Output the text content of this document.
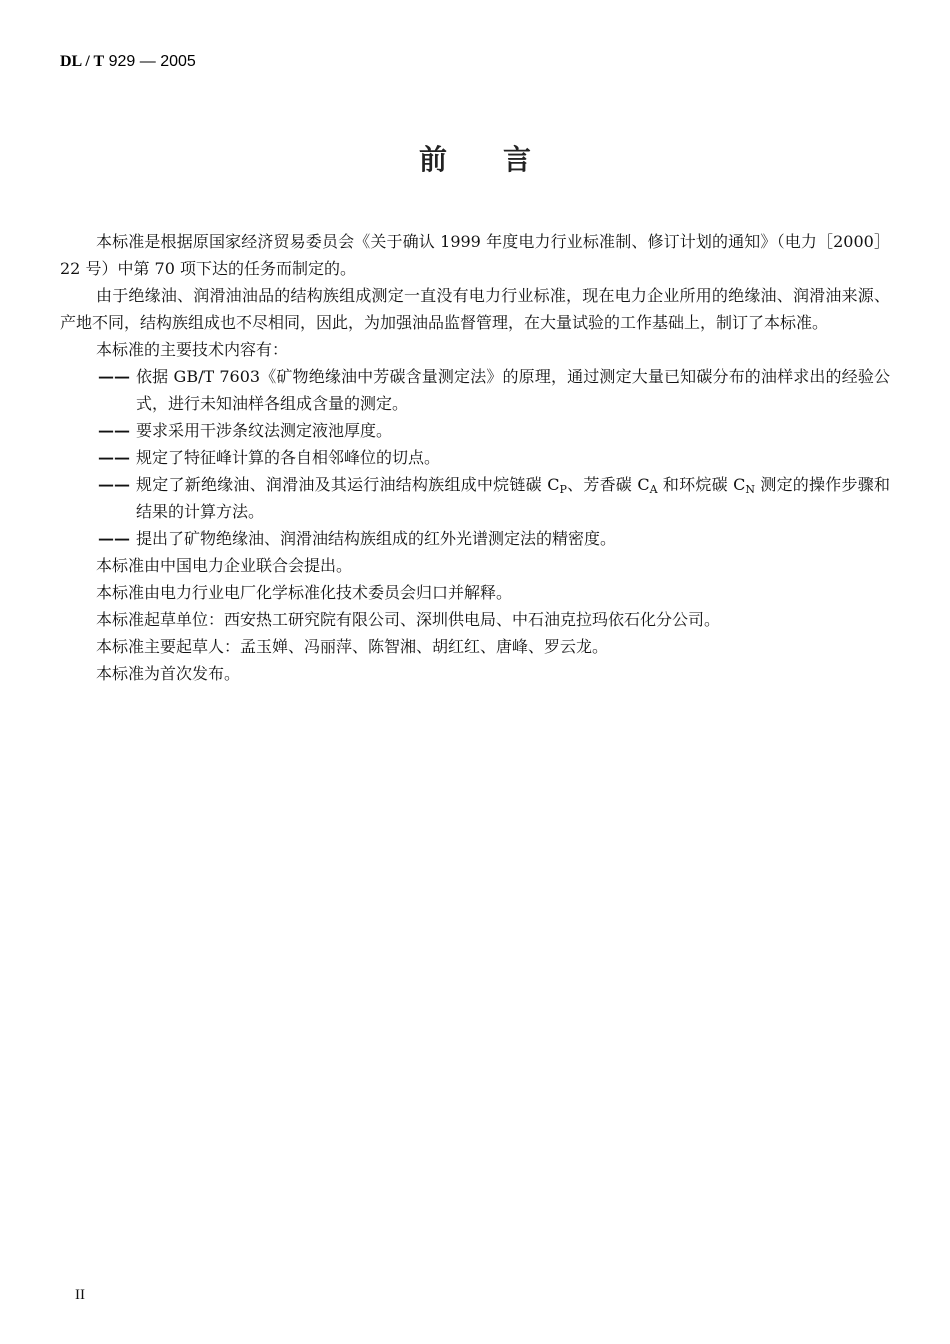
DL / T 929 — 2005
前言

本标准是根据原国家经济贸易委员会《关于确认 1999 年度电力行业标准制、修订计划的通知》（电力［2000］22 号）中第 70 项下达的任务而制定的。

由于绝缘油、润滑油油品的结构族组成测定一直没有电力行业标准，现在电力企业所用的绝缘油、润滑油来源、产地不同，结构族组成也不尽相同，因此，为加强油品监督管理，在大量试验的工作基础上，制订了本标准。

本标准的主要技术内容有：

—— 依据 GB/T 7603《矿物绝缘油中芳碳含量测定法》的原理，通过测定大量已知碳分布的油样求出的经验公式，进行未知油样各组成含量的测定。

—— 要求采用干涉条纹法测定液池厚度。

—— 规定了特征峰计算的各自相邻峰位的切点。

—— 规定了新绝缘油、润滑油及其运行油结构族组成中烷链碳 $C_P$、芳香碳 $C_A$ 和环烷碳 $C_N$ 测定的操作步骤和结果的计算方法。

—— 提出了矿物绝缘油、润滑油结构族组成的红外光谱测定法的精密度。

本标准由中国电力企业联合会提出。

本标准由电力行业电厂化学标准化技术委员会归口并解释。

本标准起草单位：西安热工研究院有限公司、深圳供电局、中石油克拉玛依石化分公司。

本标准主要起草人：孟玉婵、冯丽萍、陈智湘、胡红红、唐峰、罗云龙。

本标准为首次发布。

II
